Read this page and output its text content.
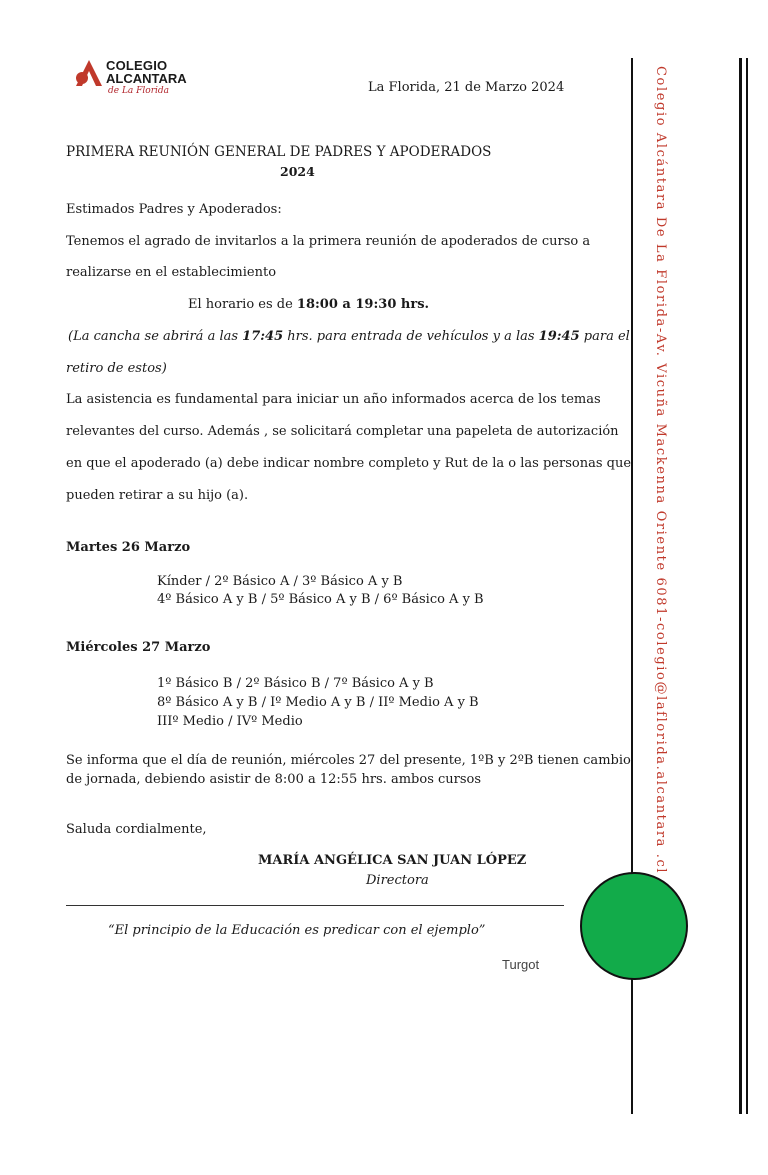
COLEGIO
ALCANTARA
de La Florida	La Florida, 21 de Marzo 2024
PRIMERA REUNIÓN GENERAL DE PADRES Y APODERADOS
2024
Estimados Padres y Apoderados:
Tenemos el agrado de invitarlos a la primera reunión de apoderados de curso a
realizarse en el establecimiento
El horario es de 18:00 a 19:30 hrs.
(La cancha se abrirá a las 17:45 hrs. para entrada de vehículos y a las 19:45 para el
retiro de estos)
La asistencia es fundamental para iniciar un año informados acerca de los temas
relevantes del curso. Además , se solicitará completar una papeleta de autorización
en que el apoderado (a) debe indicar nombre completo y Rut de la o las personas que
pueden retirar a su hijo (a).
Martes 26 Marzo
Kínder / 2º Básico A / 3º Básico A y B
4º Básico A y B / 5º Básico A y B / 6º Básico A y B
Miércoles 27 Marzo
1º Básico B / 2º Básico B / 7º Básico A y B
8º Básico A y B / Iº Medio A y B / IIº Medio A y B
IIIº Medio / IVº Medio
Se informa que el día de reunión, miércoles 27 del presente, 1ºB y 2ºB tienen cambio
de jornada, debiendo asistir de 8:00 a 12:55 hrs. ambos cursos
Saluda cordialmente,
MARÍA ANGÉLICA SAN JUAN LÓPEZ
Directora
“El principio de la Educación es predicar con el ejemplo”
Turgot
Colegio Alcántara De La Florida-Av. Vicuña Mackenna Oriente 6081-colegio@laflorida.alcantara .cl
